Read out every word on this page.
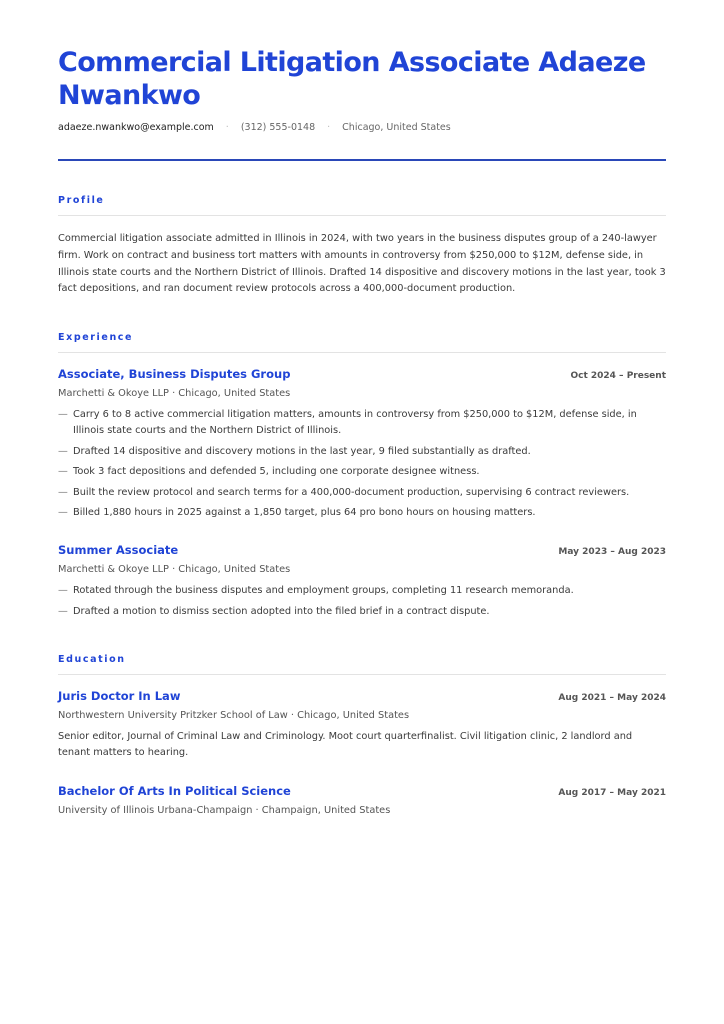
Commercial Litigation Associate Adaeze Nwankwo
adaeze.nwankwo@example.com · (312) 555-0148 · Chicago, United States
Profile
Commercial litigation associate admitted in Illinois in 2024, with two years in the business disputes group of a 240-lawyer firm. Work on contract and business tort matters with amounts in controversy from $250,000 to $12M, defense side, in Illinois state courts and the Northern District of Illinois. Drafted 14 dispositive and discovery motions in the last year, took 3 fact depositions, and ran document review protocols across a 400,000-document production.
Experience
Associate, Business Disputes Group	Oct 2024 – Present
Marchetti & Okoye LLP · Chicago, United States
— Carry 6 to 8 active commercial litigation matters, amounts in controversy from $250,000 to $12M, defense side, in Illinois state courts and the Northern District of Illinois.
— Drafted 14 dispositive and discovery motions in the last year, 9 filed substantially as drafted.
— Took 3 fact depositions and defended 5, including one corporate designee witness.
— Built the review protocol and search terms for a 400,000-document production, supervising 6 contract reviewers.
— Billed 1,880 hours in 2025 against a 1,850 target, plus 64 pro bono hours on housing matters.
Summer Associate	May 2023 – Aug 2023
Marchetti & Okoye LLP · Chicago, United States
— Rotated through the business disputes and employment groups, completing 11 research memoranda.
— Drafted a motion to dismiss section adopted into the filed brief in a contract dispute.
Education
Juris Doctor In Law	Aug 2021 – May 2024
Northwestern University Pritzker School of Law · Chicago, United States
Senior editor, Journal of Criminal Law and Criminology. Moot court quarterfinalist. Civil litigation clinic, 2 landlord and tenant matters to hearing.
Bachelor Of Arts In Political Science	Aug 2017 – May 2021
University of Illinois Urbana-Champaign · Champaign, United States
